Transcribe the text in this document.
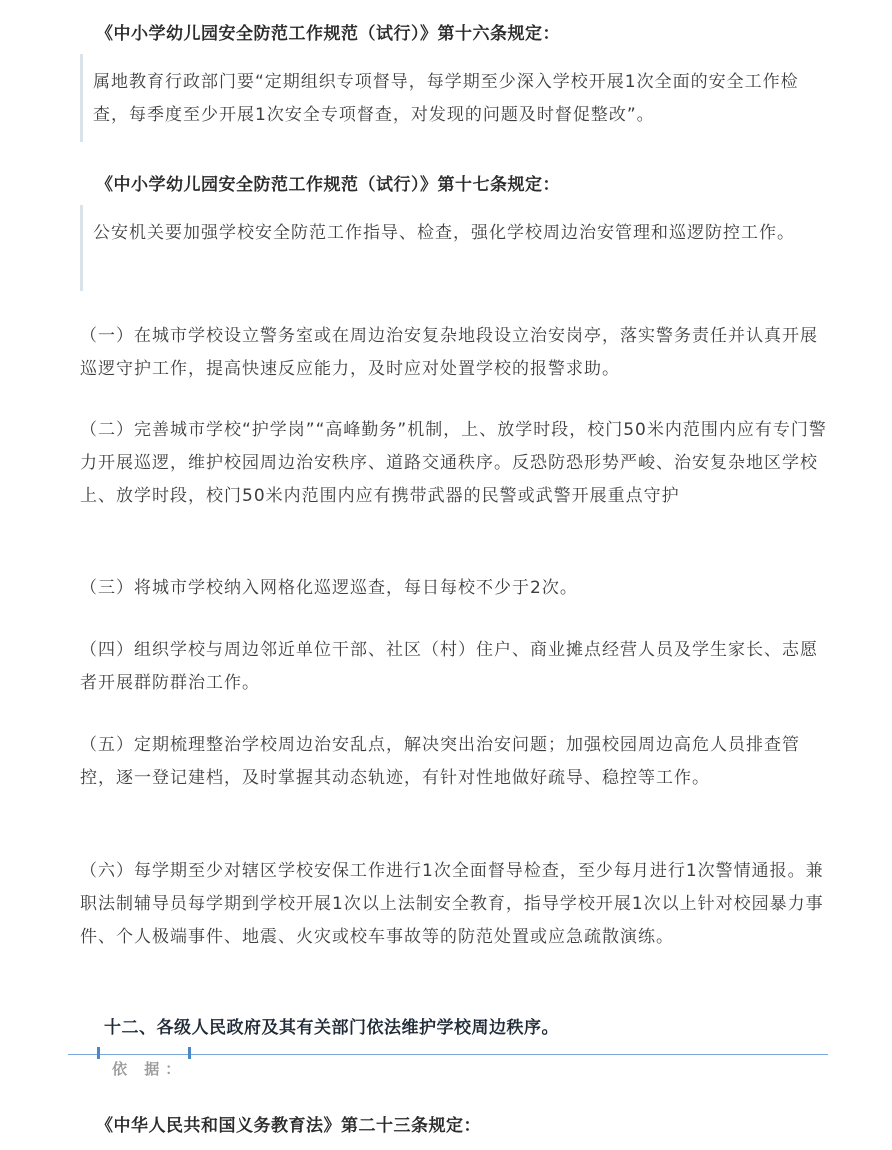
《中小学幼儿园安全防范工作规范（试行）》第十六条规定：

属地教育行政部门要“定期组织专项督导，每学期至少深入学校开展1次全面的安全工作检查，每季度至少开展1次安全专项督查，对发现的问题及时督促整改”。

《中小学幼儿园安全防范工作规范（试行）》第十七条规定：

公安机关要加强学校安全防范工作指导、检查，强化学校周边治安管理和巡逻防控工作。

（一）在城市学校设立警务室或在周边治安复杂地段设立治安岗亭，落实警务责任并认真开展巡逻守护工作，提高快速反应能力，及时应对处置学校的报警求助。

（二）完善城市学校“护学岗”“高峰勤务”机制，上、放学时段，校门50米内范围内应有专门警力开展巡逻，维护校园周边治安秩序、道路交通秩序。反恐防恐形势严峻、治安复杂地区学校上、放学时段，校门50米内范围内应有携带武器的民警或武警开展重点守护

（三）将城市学校纳入网格化巡逻巡查，每日每校不少于2次。

（四）组织学校与周边邻近单位干部、社区（村）住户、商业摊点经营人员及学生家长、志愿者开展群防群治工作。

（五）定期梳理整治学校周边治安乱点，解决突出治安问题；加强校园周边高危人员排查管控，逐一登记建档，及时掌握其动态轨迹，有针对性地做好疏导、稳控等工作。

（六）每学期至少对辖区学校安保工作进行1次全面督导检查，至少每月进行1次警情通报。兼职法制辅导员每学期到学校开展1次以上法制安全教育，指导学校开展1次以上针对校园暴力事件、个人极端事件、地震、火灾或校车事故等的防范处置或应急疏散演练。

十二、各级人民政府及其有关部门依法维护学校周边秩序。
依 据：
《中华人民共和国义务教育法》第二十三条规定：
